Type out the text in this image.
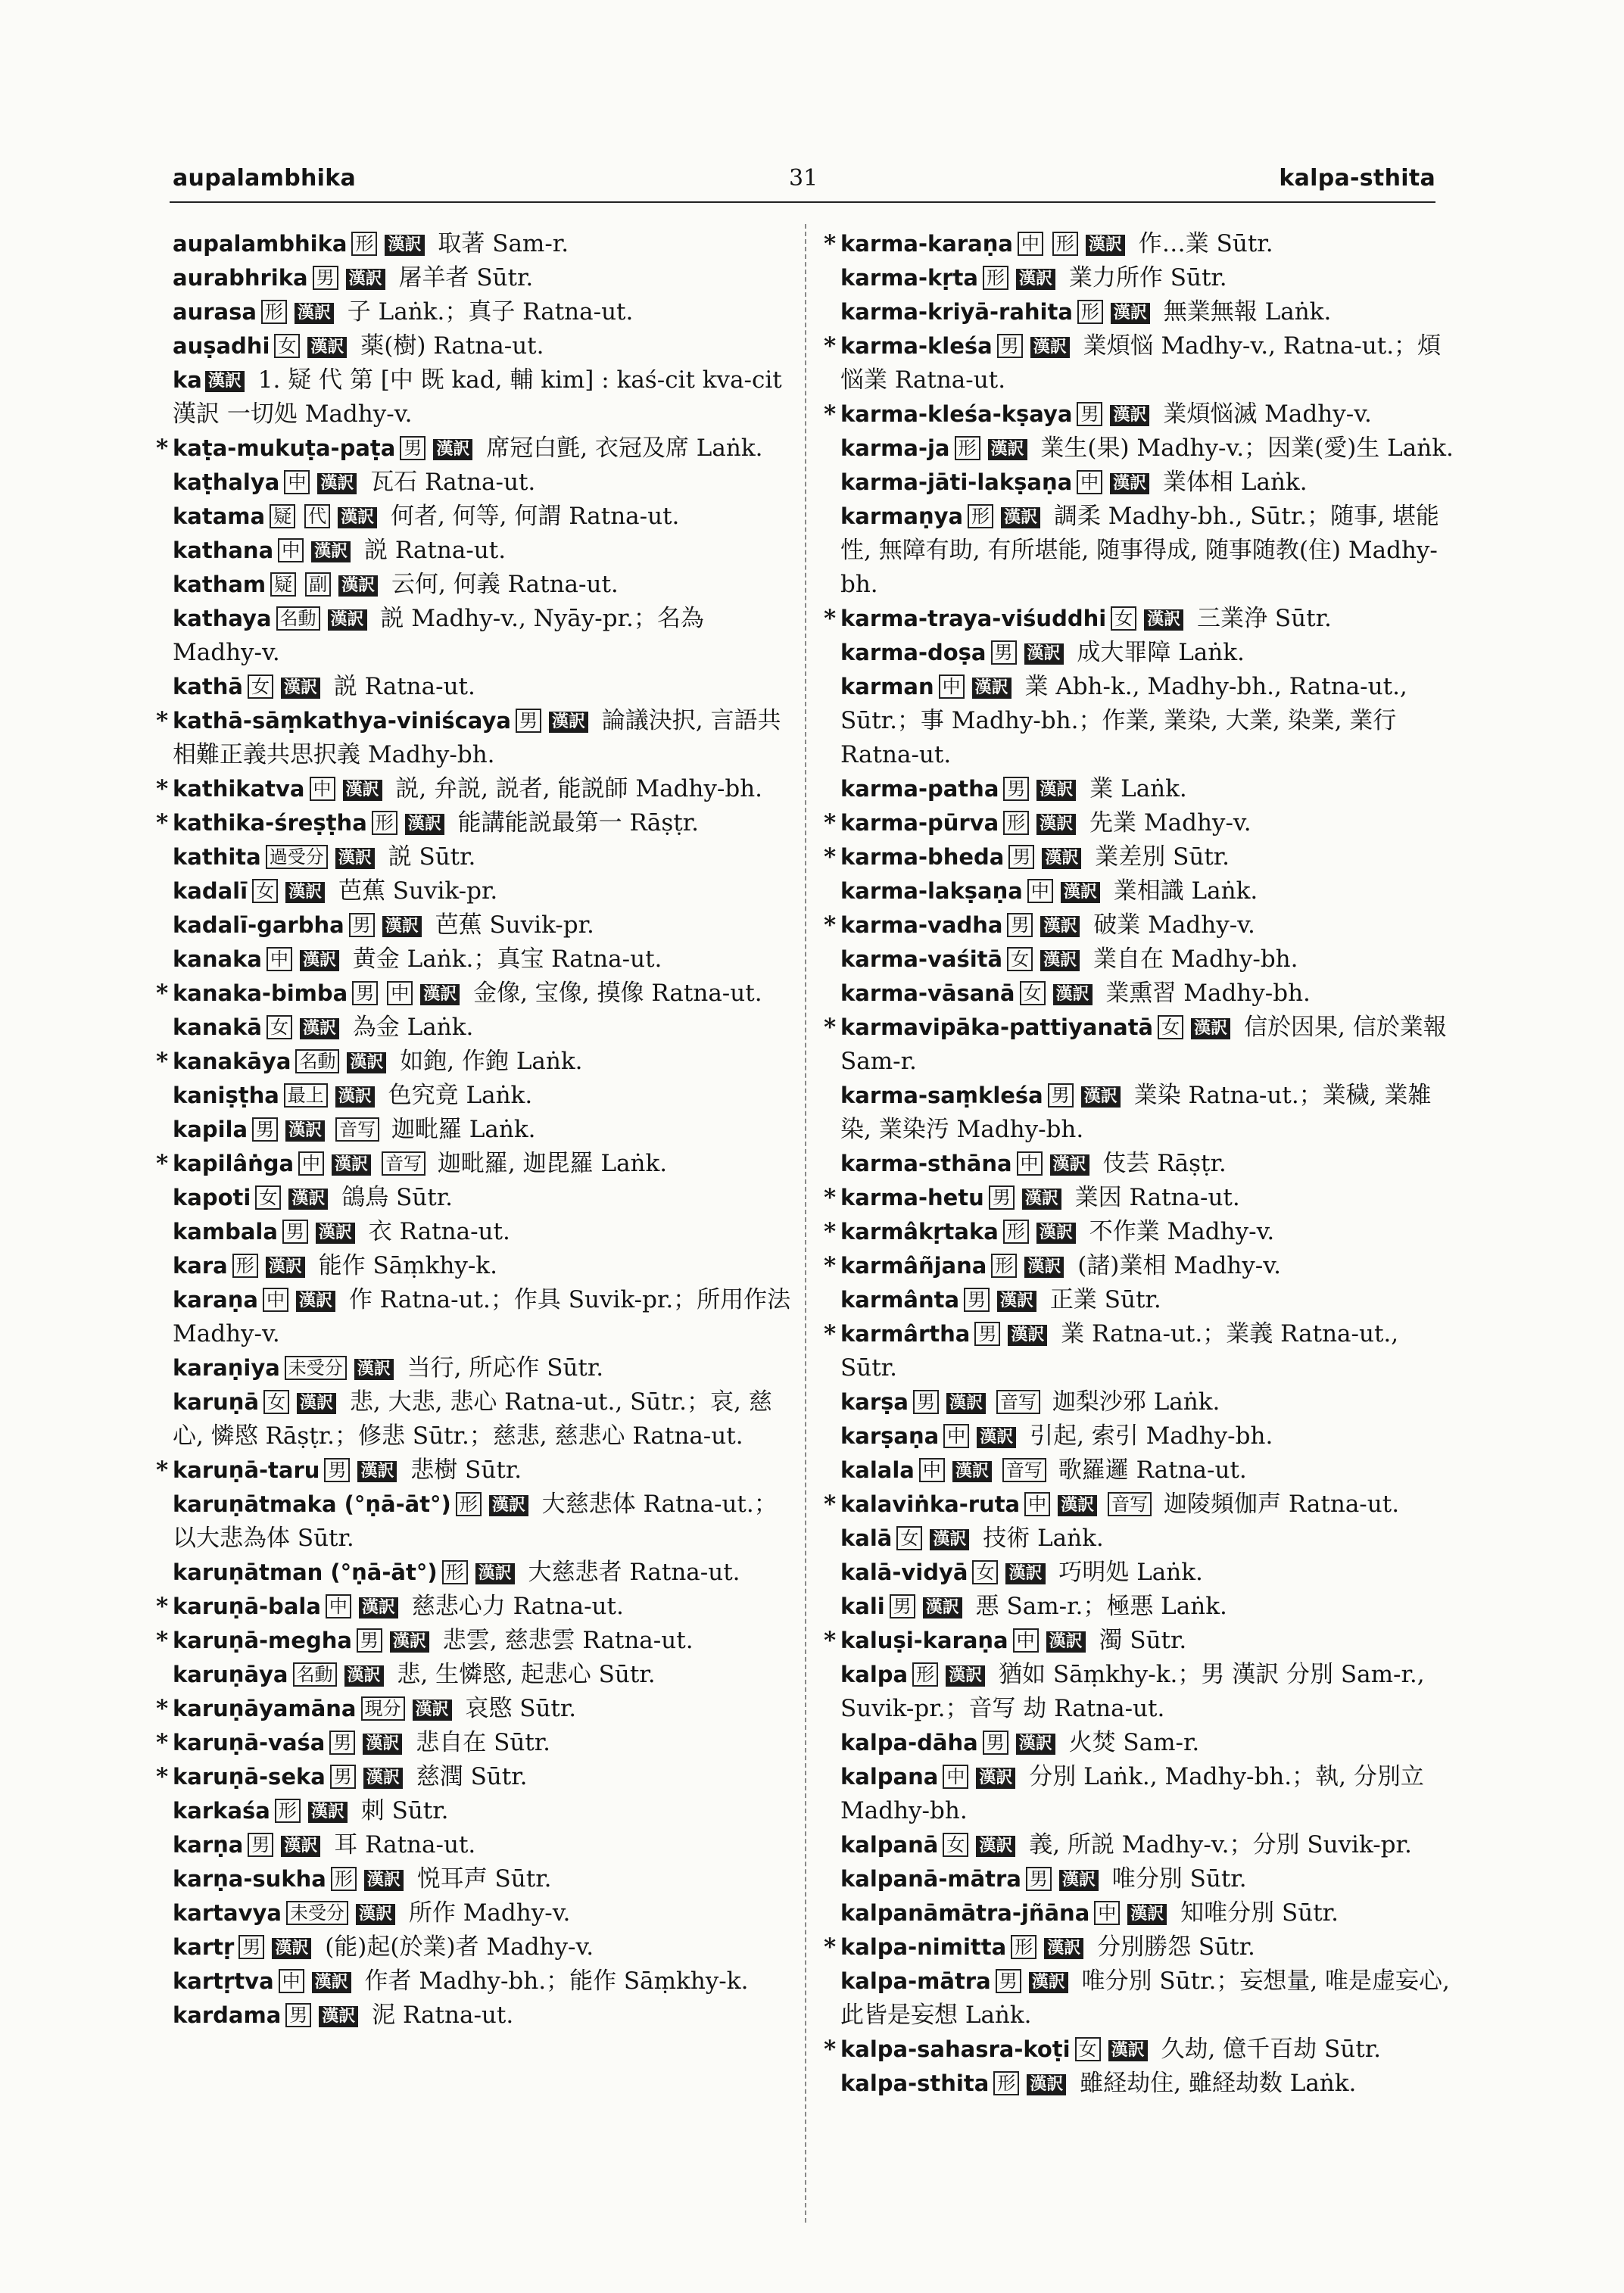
aupalambhika	31	kalpa-sthita
aupalambhika 形 漢訳 取著 Sam-r.
aurabhrika 男 漢訳 屠羊者 Sūtr.
aurasa 形 漢訳 子 Laṅk.；真子 Ratna-ut.
auṣadhi 女 漢訳 薬(樹) Ratna-ut.
ka 漢訳 1. 疑 代 第 [中 既 kad, 輔 kim] : kaś-cit kva-cit 漢訳 一切処 Madhy-v.
* kaṭa-mukuṭa-paṭa 男 漢訳 席冠白氈, 衣冠及席 Laṅk.
kaṭhalya 中 漢訳 瓦石 Ratna-ut.
katama 疑 代 漢訳 何者, 何等, 何謂 Ratna-ut.
kathana 中 漢訳 説 Ratna-ut.
katham 疑 副 漢訳 云何, 何義 Ratna-ut.
kathaya 名動 漢訳 説 Madhy-v., Nyāy-pr.；名為 Madhy-v.
kathā 女 漢訳 説 Ratna-ut.
* kathā-sāṃkathya-viniścaya 男 漢訳 論議決択, 言語共相難正義共思択義 Madhy-bh.
* kathikatva 中 漢訳 説, 弁説, 説者, 能説師 Madhy-bh.
* kathika-śreṣṭha 形 漢訳 能講能説最第一 Rāṣṭr.
kathita 過受分 漢訳 説 Sūtr.
kadalī 女 漢訳 芭蕉 Suvik-pr.
kadalī-garbha 男 漢訳 芭蕉 Suvik-pr.
kanaka 中 漢訳 黄金 Laṅk.；真宝 Ratna-ut.
* kanaka-bimba 男 中 漢訳 金像, 宝像, 摸像 Ratna-ut.
kanakā 女 漢訳 為金 Laṅk.
* kanakāya 名動 漢訳 如鉋, 作鉋 Laṅk.
kaniṣṭha 最上 漢訳 色究竟 Laṅk.
kapila 男 漢訳 音写 迦毗羅 Laṅk.
* kapilâṅga 中 漢訳 音写 迦毗羅, 迦毘羅 Laṅk.
kapoti 女 漢訳 鴿鳥 Sūtr.
kambala 男 漢訳 衣 Ratna-ut.
kara 形 漢訳 能作 Sāṃkhy-k.
karaṇa 中 漢訳 作 Ratna-ut.；作具 Suvik-pr.；所用作法 Madhy-v.
karaṇiya 未受分 漢訳 当行, 所応作 Sūtr.
karuṇā 女 漢訳 悲, 大悲, 悲心 Ratna-ut., Sūtr.；哀, 慈心, 憐愍 Rāṣṭr.；修悲 Sūtr.；慈悲, 慈悲心 Ratna-ut.
* karuṇā-taru 男 漢訳 悲樹 Sūtr.
karuṇātmaka (°ṇā-āt°) 形 漢訳 大慈悲体 Ratna-ut.；以大悲為体 Sūtr.
karuṇātman (°ṇā-āt°) 形 漢訳 大慈悲者 Ratna-ut.
* karuṇā-bala 中 漢訳 慈悲心力 Ratna-ut.
* karuṇā-megha 男 漢訳 悲雲, 慈悲雲 Ratna-ut.
karuṇāya 名動 漢訳 悲, 生憐愍, 起悲心 Sūtr.
* karuṇāyamāna 現分 漢訳 哀愍 Sūtr.
* karuṇā-vaśa 男 漢訳 悲自在 Sūtr.
* karuṇā-seka 男 漢訳 慈潤 Sūtr.
karkaśa 形 漢訳 刺 Sūtr.
karṇa 男 漢訳 耳 Ratna-ut.
karṇa-sukha 形 漢訳 悦耳声 Sūtr.
kartavya 未受分 漢訳 所作 Madhy-v.
kartṛ 男 漢訳 (能)起(於業)者 Madhy-v.
kartṛtva 中 漢訳 作者 Madhy-bh.；能作 Sāṃkhy-k.
kardama 男 漢訳 泥 Ratna-ut.
* karma-karaṇa 中 形 漢訳 作…業 Sūtr.
karma-kṛta 形 漢訳 業力所作 Sūtr.
karma-kriyā-rahita 形 漢訳 無業無報 Laṅk.
* karma-kleśa 男 漢訳 業煩悩 Madhy-v., Ratna-ut.；煩悩業 Ratna-ut.
* karma-kleśa-kṣaya 男 漢訳 業煩悩滅 Madhy-v.
karma-ja 形 漢訳 業生(果) Madhy-v.；因業(愛)生 Laṅk.
karma-jāti-lakṣaṇa 中 漢訳 業体相 Laṅk.
karmaṇya 形 漢訳 調柔 Madhy-bh., Sūtr.；随事, 堪能性, 無障有助, 有所堪能, 随事得成, 随事随教(住) Madhy-bh.
* karma-traya-viśuddhi 女 漢訳 三業浄 Sūtr.
karma-doṣa 男 漢訳 成大罪障 Laṅk.
karman 中 漢訳 業 Abh-k., Madhy-bh., Ratna-ut., Sūtr.；事 Madhy-bh.；作業, 業染, 大業, 染業, 業行 Ratna-ut.
karma-patha 男 漢訳 業 Laṅk.
* karma-pūrva 形 漢訳 先業 Madhy-v.
* karma-bheda 男 漢訳 業差別 Sūtr.
karma-lakṣaṇa 中 漢訳 業相識 Laṅk.
* karma-vadha 男 漢訳 破業 Madhy-v.
karma-vaśitā 女 漢訳 業自在 Madhy-bh.
karma-vāsanā 女 漢訳 業熏習 Madhy-bh.
* karmavipāka-pattiyanatā 女 漢訳 信於因果, 信於業報 Sam-r.
karma-saṃkleśa 男 漢訳 業染 Ratna-ut.；業穢, 業雑染, 業染汚 Madhy-bh.
karma-sthāna 中 漢訳 伎芸 Rāṣṭr.
* karma-hetu 男 漢訳 業因 Ratna-ut.
* karmâkṛtaka 形 漢訳 不作業 Madhy-v.
* karmâñjana 形 漢訳 (諸)業相 Madhy-v.
karmânta 男 漢訳 正業 Sūtr.
* karmârtha 男 漢訳 業 Ratna-ut.；業義 Ratna-ut., Sūtr.
karṣa 男 漢訳 音写 迦梨沙邪 Laṅk.
karṣaṇa 中 漢訳 引起, 索引 Madhy-bh.
kalala 中 漢訳 音写 歌羅邏 Ratna-ut.
* kalaviṅka-ruta 中 漢訳 音写 迦陵頻伽声 Ratna-ut.
kalā 女 漢訳 技術 Laṅk.
kalā-vidyā 女 漢訳 巧明処 Laṅk.
kali 男 漢訳 悪 Sam-r.；極悪 Laṅk.
* kaluṣi-karaṇa 中 漢訳 濁 Sūtr.
kalpa 形 漢訳 猶如 Sāṃkhy-k.；男 漢訳 分別 Sam-r., Suvik-pr.；音写 劫 Ratna-ut.
kalpa-dāha 男 漢訳 火焚 Sam-r.
kalpana 中 漢訳 分別 Laṅk., Madhy-bh.；執, 分別立 Madhy-bh.
kalpanā 女 漢訳 義, 所説 Madhy-v.；分別 Suvik-pr.
kalpanā-mātra 男 漢訳 唯分別 Sūtr.
kalpanāmātra-jñāna 中 漢訳 知唯分別 Sūtr.
* kalpa-nimitta 形 漢訳 分別勝怨 Sūtr.
kalpa-mātra 男 漢訳 唯分別 Sūtr.；妄想量, 唯是虚妄心, 此皆是妄想 Laṅk.
* kalpa-sahasra-koṭi 女 漢訳 久劫, 億千百劫 Sūtr.
kalpa-sthita 形 漢訳 雖経劫住, 雖経劫数 Laṅk.
